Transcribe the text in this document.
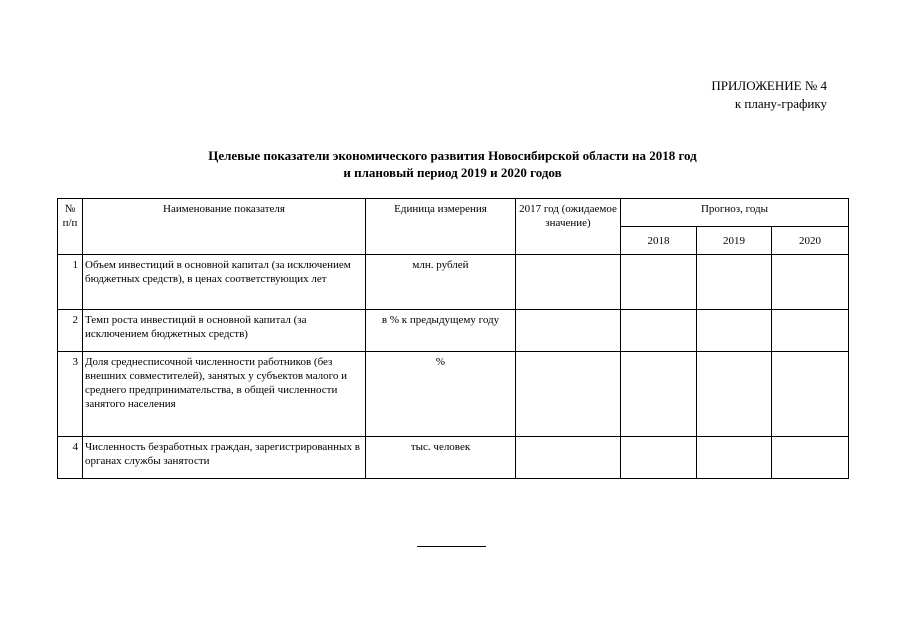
ПРИЛОЖЕНИЕ № 4
к плану-графику
Целевые показатели экономического развития Новосибирской области на 2018 год
и плановый период 2019 и 2020 годов
№ п/п	Наименование показателя	Единица измерения	2017 год (ожидаемое значение)	Прогноз, годы		
				2018	2019	2020
1	Объем инвестиций в основной капитал (за исключением бюджетных средств), в ценах соответствующих лет	млн. рублей				
2	Темп роста инвестиций в основной капитал (за исключением бюджетных средств)	в % к предыдущему году				
3	Доля среднесписочной численности работников (без внешних совместителей), занятых у субъектов малого и среднего предпринимательства, в общей численности занятого населения	%				
4	Численность безработных граждан, зарегистрированных в органах службы занятости	тыс. человек				
